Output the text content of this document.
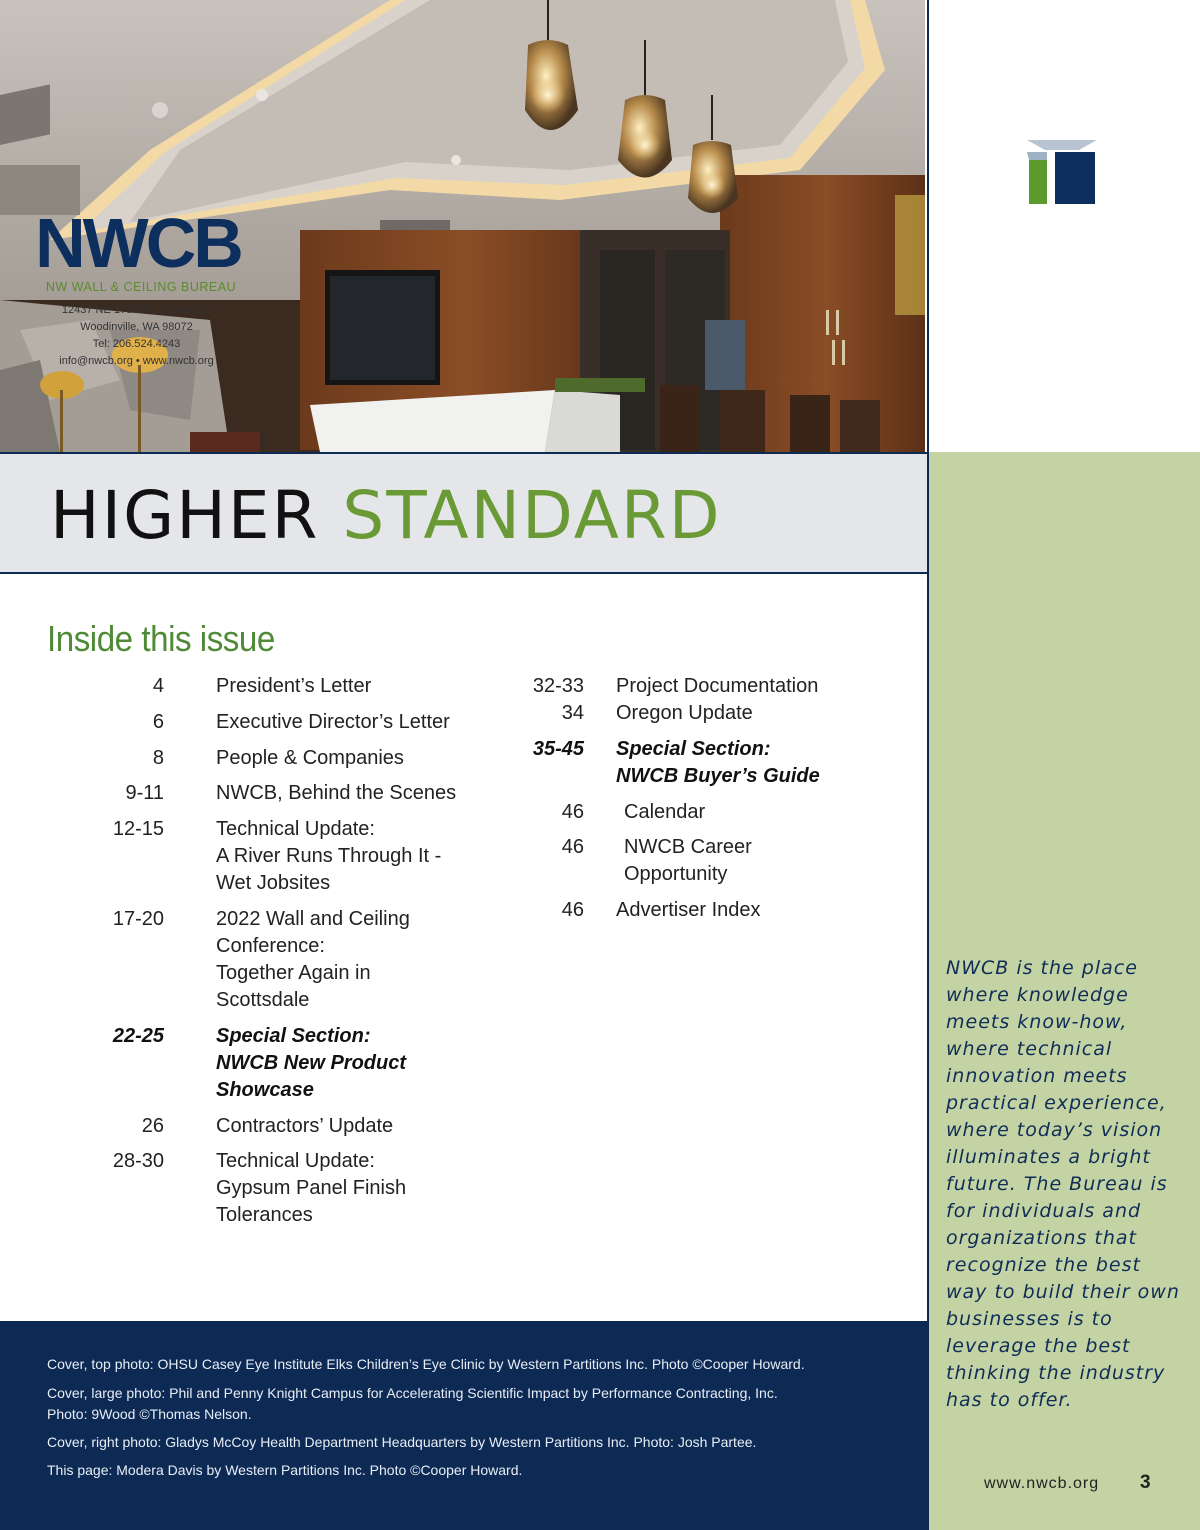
NWCB
NW WALL & CEILING BUREAU
12437 NE 173rd PL, Suite 200
Woodinville, WA 98072
Tel: 206.524.4243
info@nwcb.org • www.nwcb.org
HIGHER STANDARD
NWCB is the place where knowledge meets know-how, where technical innovation meets practical experience, where today’s vision illuminates a bright future. The Bureau is for individuals and organizations that recognize the best way to build their own businesses is to leverage the best thinking the industry has to offer.
www.nwcb.org 3
Inside this issue
4	President’s Letter
6	Executive Director’s Letter
8	People & Companies
9-11	NWCB, Behind the Scenes
12-15	Technical Update:
A River Runs Through It -
Wet Jobsites
17-20	2022 Wall and Ceiling
Conference:
Together Again in
Scottsdale
22-25	Special Section:
NWCB New Product
Showcase
26	Contractors’ Update
28-30	Technical Update:
Gypsum Panel Finish
Tolerances
32-33 Project Documentation
34 Oregon Update
35-45 Special Section:
NWCB Buyer’s Guide
46 Calendar
46 NWCB Career
Opportunity
46 Advertiser Index
Cover, top photo: OHSU Casey Eye Institute Elks Children’s Eye Clinic by Western Partitions Inc. Photo ©Cooper Howard.
Cover, large photo: Phil and Penny Knight Campus for Accelerating Scientific Impact by Performance Contracting, Inc.
Photo: 9Wood ©Thomas Nelson.
Cover, right photo: Gladys McCoy Health Department Headquarters by Western Partitions Inc. Photo: Josh Partee.
This page: Modera Davis by Western Partitions Inc. Photo ©Cooper Howard.
